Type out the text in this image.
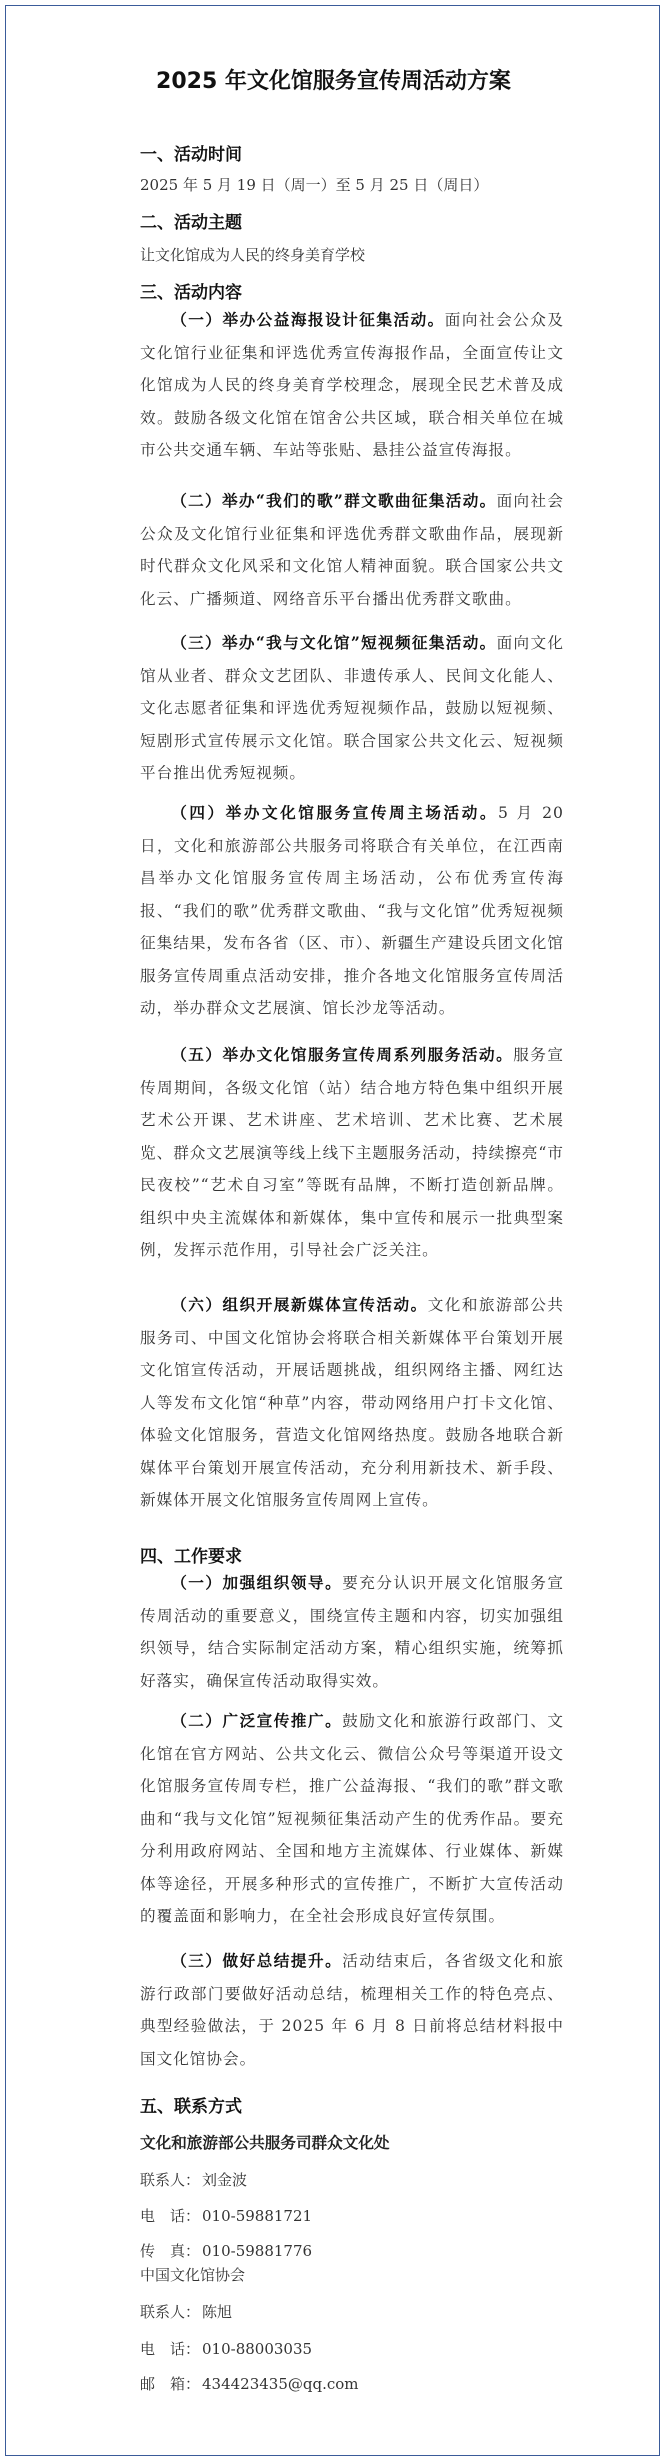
2025 年文化馆服务宣传周活动方案
一、活动时间
2025 年 5 月 19 日（周一）至 5 月 25 日（周日）
二、活动主题
让文化馆成为人民的终身美育学校
三、活动内容
（一）举办公益海报设计征集活动。面向社会公众及文化馆行业征集和评选优秀宣传海报作品，全面宣传让文化馆成为人民的终身美育学校理念，展现全民艺术普及成效。鼓励各级文化馆在馆舍公共区域，联合相关单位在城市公共交通车辆、车站等张贴、悬挂公益宣传海报。
（二）举办“我们的歌”群文歌曲征集活动。面向社会公众及文化馆行业征集和评选优秀群文歌曲作品，展现新时代群众文化风采和文化馆人精神面貌。联合国家公共文化云、广播频道、网络音乐平台播出优秀群文歌曲。
（三）举办“我与文化馆”短视频征集活动。面向文化馆从业者、群众文艺团队、非遗传承人、民间文化能人、文化志愿者征集和评选优秀短视频作品，鼓励以短视频、短剧形式宣传展示文化馆。联合国家公共文化云、短视频平台推出优秀短视频。
（四）举办文化馆服务宣传周主场活动。5 月 20 日，文化和旅游部公共服务司将联合有关单位，在江西南昌举办文化馆服务宣传周主场活动，公布优秀宣传海报、“我们的歌”优秀群文歌曲、“我与文化馆”优秀短视频征集结果，发布各省（区、市）、新疆生产建设兵团文化馆服务宣传周重点活动安排，推介各地文化馆服务宣传周活动，举办群众文艺展演、馆长沙龙等活动。
（五）举办文化馆服务宣传周系列服务活动。服务宣传周期间，各级文化馆（站）结合地方特色集中组织开展艺术公开课、艺术讲座、艺术培训、艺术比赛、艺术展览、群众文艺展演等线上线下主题服务活动，持续擦亮“市民夜校”“艺术自习室”等既有品牌，不断打造创新品牌。组织中央主流媒体和新媒体，集中宣传和展示一批典型案例，发挥示范作用，引导社会广泛关注。
（六）组织开展新媒体宣传活动。文化和旅游部公共服务司、中国文化馆协会将联合相关新媒体平台策划开展文化馆宣传活动，开展话题挑战，组织网络主播、网红达人等发布文化馆“种草”内容，带动网络用户打卡文化馆、体验文化馆服务，营造文化馆网络热度。鼓励各地联合新媒体平台策划开展宣传活动，充分利用新技术、新手段、新媒体开展文化馆服务宣传周网上宣传。
四、工作要求
（一）加强组织领导。要充分认识开展文化馆服务宣传周活动的重要意义，围绕宣传主题和内容，切实加强组织领导，结合实际制定活动方案，精心组织实施，统筹抓好落实，确保宣传活动取得实效。
（二）广泛宣传推广。鼓励文化和旅游行政部门、文化馆在官方网站、公共文化云、微信公众号等渠道开设文化馆服务宣传周专栏，推广公益海报、“我们的歌”群文歌曲和“我与文化馆”短视频征集活动产生的优秀作品。要充分利用政府网站、全国和地方主流媒体、行业媒体、新媒体等途径，开展多种形式的宣传推广，不断扩大宣传活动的覆盖面和影响力，在全社会形成良好宣传氛围。
（三）做好总结提升。活动结束后，各省级文化和旅游行政部门要做好活动总结，梳理相关工作的特色亮点、典型经验做法，于 2025 年 6 月 8 日前将总结材料报中国文化馆协会。
五、联系方式
文化和旅游部公共服务司群众文化处
联系人： 刘金波
电　话： 010-59881721
传　真： 010-59881776
中国文化馆协会
联系人： 陈旭
电　话： 010-88003035
邮　箱： 434423435@qq.com
